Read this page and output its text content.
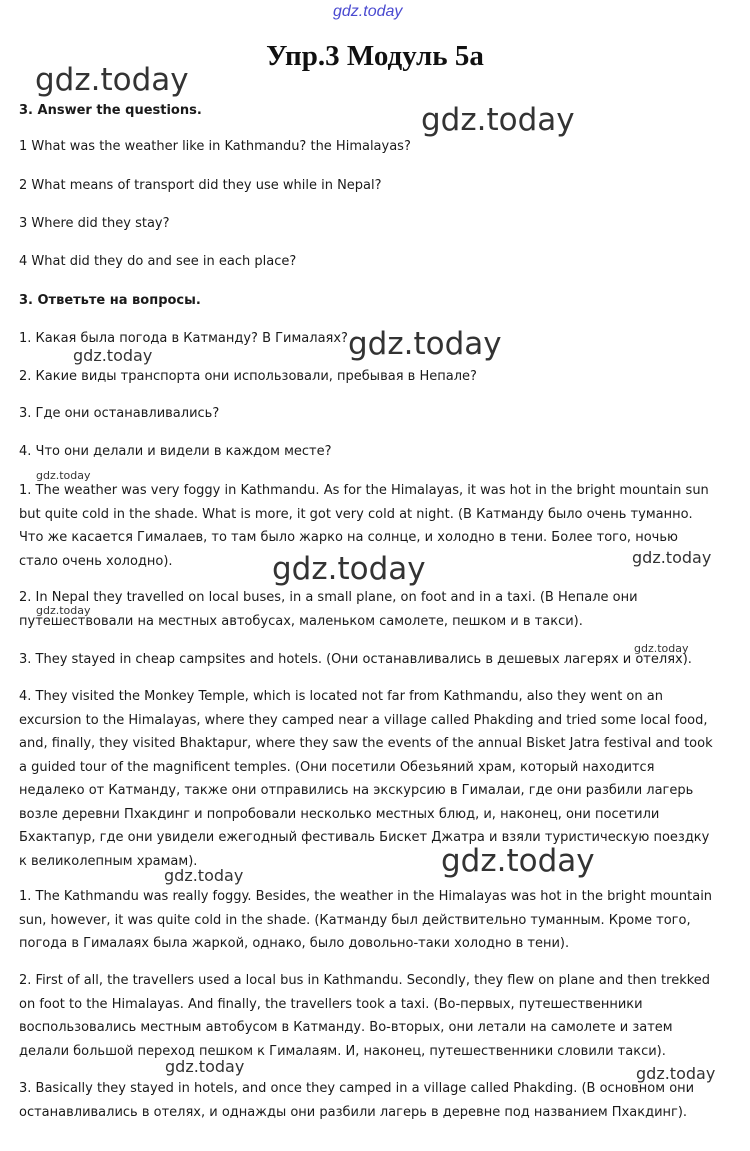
gdz.today
Упр.3 Модуль 5а

3. Answer the questions.

1 What was the weather like in Kathmandu? the Himalayas?

2 What means of transport did they use while in Nepal?

3 Where did they stay?

4 What did they do and see in each place?

3. Ответьте на вопросы.

1. Какая была погода в Катманду? В Гималаях?

2. Какие виды транспорта они использовали, пребывая в Непале?

3. Где они останавливались?

4. Что они делали и видели в каждом месте?

1. The weather was very foggy in Kathmandu. As for the Himalayas, it was hot in the bright mountain sun but quite cold in the shade. What is more, it got very cold at night. (В Катманду было очень туманно. Что же касается Гималаев, то там было жарко на солнце, и холодно в тени. Более того, ночью стало очень холодно).

2. In Nepal they travelled on local buses, in a small plane, on foot and in a taxi. (В Непале они путешествовали на местных автобусах, маленьком самолете, пешком и в такси).

3. They stayed in cheap campsites and hotels. (Они останавливались в дешевых лагерях и отелях).

4. They visited the Monkey Temple, which is located not far from Kathmandu, also they went on an excursion to the Himalayas, where they camped near a village called Phakding and tried some local food, and, finally, they visited Bhaktapur, where they saw the events of the annual Bisket Jatra festival and took a guided tour of the magnificent temples. (Они посетили Обезьяний храм, который находится недалеко от Катманду, также они отправились на экскурсию в Гималаи, где они разбили лагерь возле деревни Пхакдинг и попробовали несколько местных блюд, и, наконец, они посетили Бхактапур, где они увидели ежегодный фестиваль Бискет Джатра и взяли туристическую поездку к великолепным храмам).

1. The Kathmandu was really foggy. Besides, the weather in the Himalayas was hot in the bright mountain sun, however, it was quite cold in the shade. (Катманду был действительно туманным. Кроме того, погода в Гималаях была жаркой, однако, было довольно-таки холодно в тени).

2. First of all, the travellers used a local bus in Kathmandu. Secondly, they flew on plane and then trekked on foot to the Himalayas. And finally, the travellers took a taxi. (Во-первых, путешественники воспользовались местным автобусом в Катманду. Во-вторых, они летали на самолете и затем делали большой переход пешком к Гималаям. И, наконец, путешественники словили такси).

3. Basically they stayed in hotels, and once they camped in a village called Phakding. (В основном они останавливались в отелях, и однажды они разбили лагерь в деревне под названием Пхакдинг).

gdz.today
gdz.today
gdz.today
gdz.today
gdz.today
gdz.today
gdz.today
gdz.today
gdz.today
gdz.today
gdz.today
gdz.today	gdz.today
